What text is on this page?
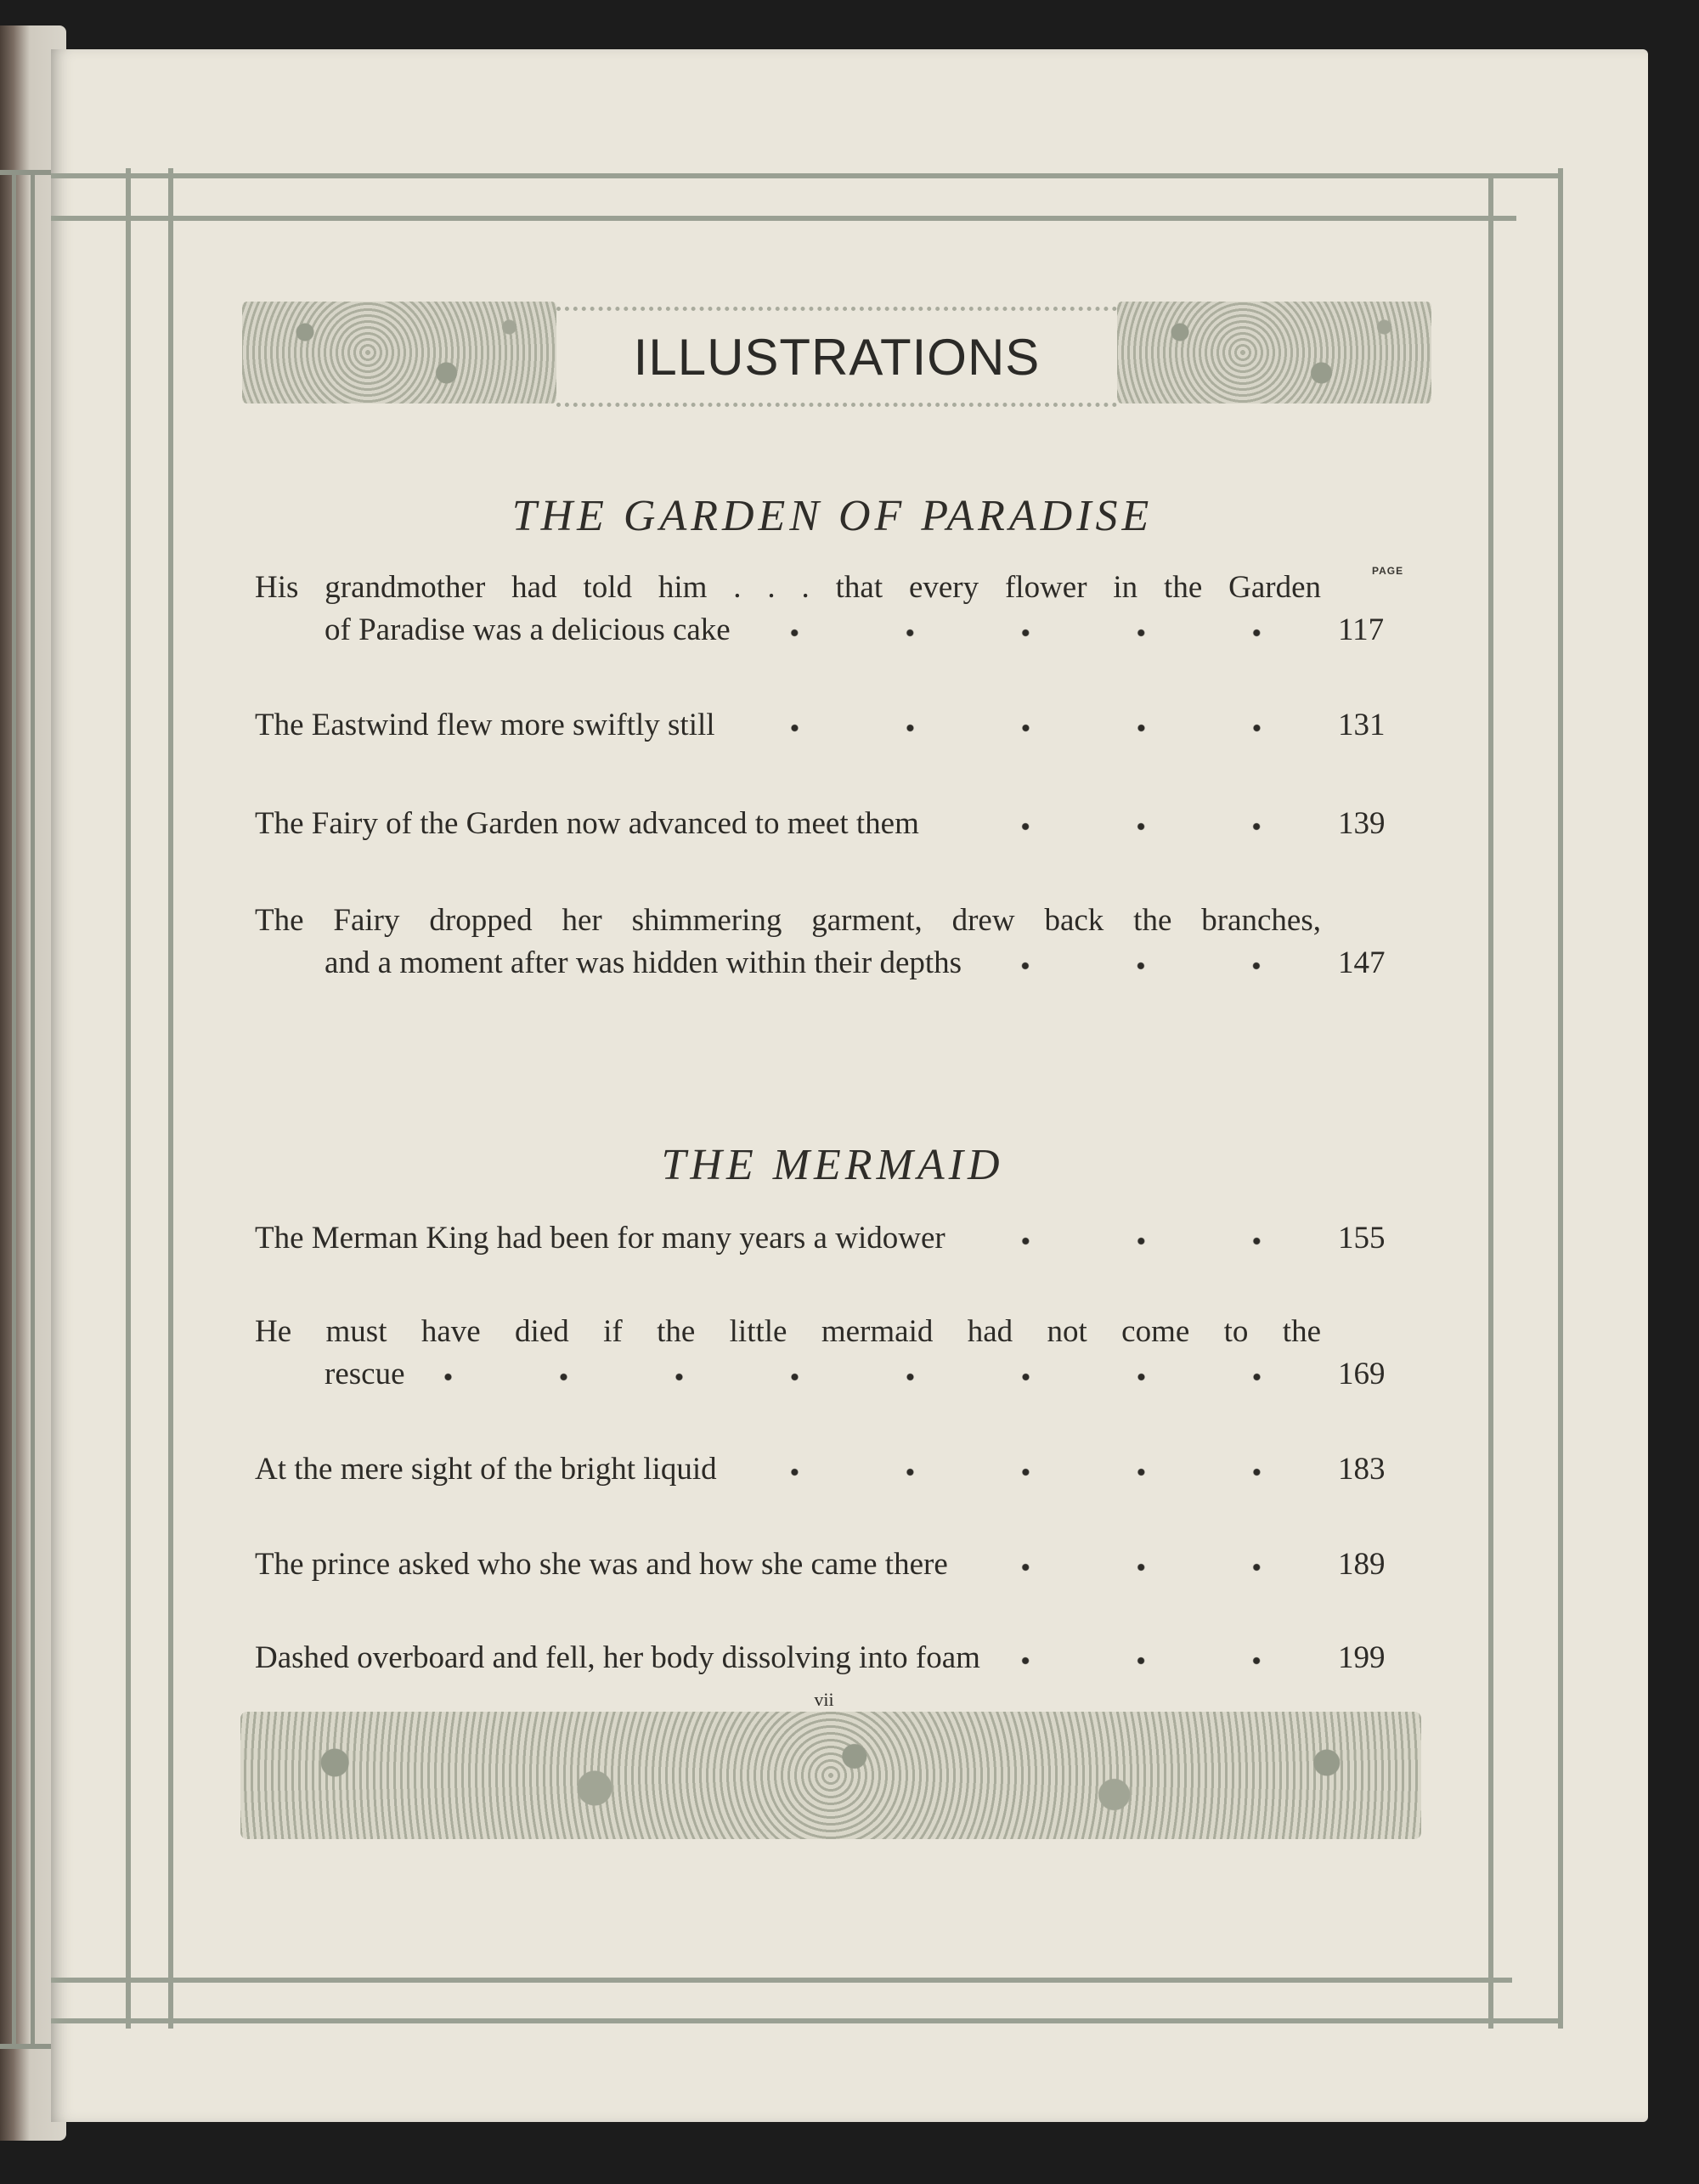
ILLUSTRATIONS
THE GARDEN OF PARADISE
PAGE
His grandmother had told him . . . that every flower in the Garden
of Paradise was a delicious cake	117
The Eastwind flew more swiftly still	131
The Fairy of the Garden now advanced to meet them	139
The Fairy dropped her shimmering garment, drew back the branches,
and a moment after was hidden within their depths	147
THE MERMAID
The Merman King had been for many years a widower	155
He must have died if the little mermaid had not come to the
rescue	169
At the mere sight of the bright liquid	183
The prince asked who she was and how she came there	189
Dashed overboard and fell, her body dissolving into foam	199
vii
